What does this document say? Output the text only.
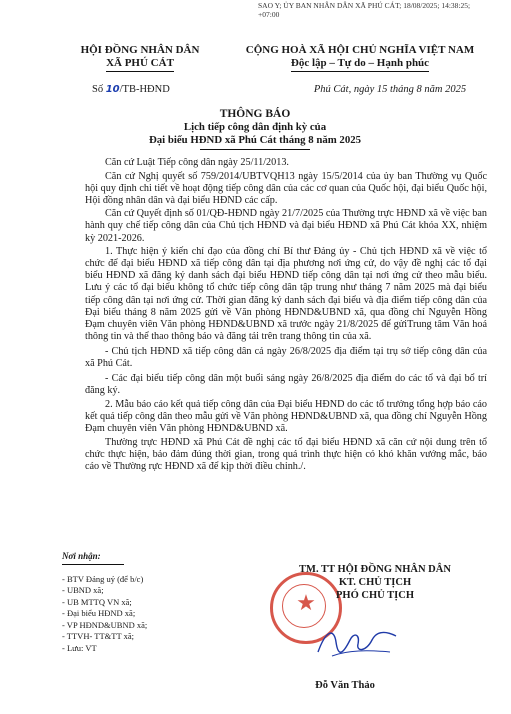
SAO Y; ỦY BAN NHÂN DÂN XÃ PHÚ CÁT; 18/08/2025; 14:38:25;
+07:00
HỘI ĐỒNG NHÂN DÂN
XÃ PHÚ CÁT
CỘNG HOÀ XÃ HỘI CHỦ NGHĨA VIỆT NAM
Độc lập – Tự do – Hạnh phúc
Số 10/TB-HĐND	Phú Cát, ngày 15 tháng 8 năm 2025
THÔNG BÁO
Lịch tiếp công dân định kỳ của
Đại biểu HĐND xã Phú Cát tháng 8 năm 2025

Căn cứ Luật Tiếp công dân ngày 25/11/2013.

Căn cứ Nghị quyết số 759/2014/UBTVQH13 ngày 15/5/2014 của ủy ban Thường vụ Quốc hội quy định chi tiết về hoạt động tiếp công dân của các cơ quan của Quốc hội, đại biểu Quốc hội, Hội đồng nhân dân và đại biểu HĐND các cấp.

Căn cứ Quyết định số 01/QĐ-HĐND ngày 21/7/2025 của Thường trực HĐND xã về việc ban hành quy chế tiếp công dân của Chủ tịch HĐND và đại biểu HĐND xã Phú Cát khóa XX, nhiệm kỳ 2021-2026.

1. Thực hiện ý kiến chỉ đạo của đồng chí Bí thư Đảng ủy - Chủ tịch HĐND xã về việc tổ chức để đại biểu HĐND xã tiếp công dân tại địa phương nơi ứng cử, do vậy đề nghị các tổ đại biểu HĐND xã đăng ký danh sách đại biểu HĐND tiếp công dân tại nơi ứng cử theo mẫu biểu. Lưu ý các tổ đại biểu không tổ chức tiếp công dân tập trung như tháng 7 năm 2025 mà đại biểu tiếp công dân tại nơi ứng cử. Thời gian đăng ký danh sách đại biểu và địa điểm tiếp công dân của Đại biểu tháng 8 năm 2025 gửi về Văn phòng HĐND&UBND xã, qua đồng chí Nguyễn Hồng Đạm chuyên viên Văn phòng HĐND&UBND xã trước ngày 21/8/2025 để gửiTrung tâm Văn hoá thông tin và thể thao thông báo và đăng tải trên trang thông tin của xã.

- Chủ tịch HĐND xã tiếp công dân cả ngày 26/8/2025 địa điểm tại trụ sở tiếp công dân của xã Phú Cát.

- Các đại biểu tiếp công dân một buổi sáng ngày 26/8/2025 địa điểm do các tổ và đại bổ trí đăng ký.

2. Mẫu báo cáo kết quả tiếp công dân của Đại biểu HĐND do các tổ trưởng tổng hợp báo cáo kết quả tiếp công dân theo mẫu gửi về Văn phòng HĐND&UBND xã, qua đồng chí Nguyễn Hồng Đạm chuyên viên Văn phòng HĐND&UBND xã.

Thường trực HĐND xã Phú Cát đề nghị các tổ đại biểu HĐND xã căn cứ nội dung trên tổ chức thực hiện, bảo đảm đúng thời gian, trong quá trình thực hiện có khó khăn vướng mắc, báo cáo về Thường rực HĐND xã để kịp thời điều chỉnh./.

Nơi nhận:
- BTV Đảng uỷ (để b/c)
- UBND xã;
- UB MTTQ VN xã;
- Đại biểu HĐND xã;
- VP HĐND&UBND xã;
- TTVH- TT&TT xã;
- Lưu: VT
★
TM. TT HỘI ĐỒNG NHÂN DÂN
KT. CHỦ TỊCH
PHÓ CHỦ TỊCH
Đỗ Văn Thảo
